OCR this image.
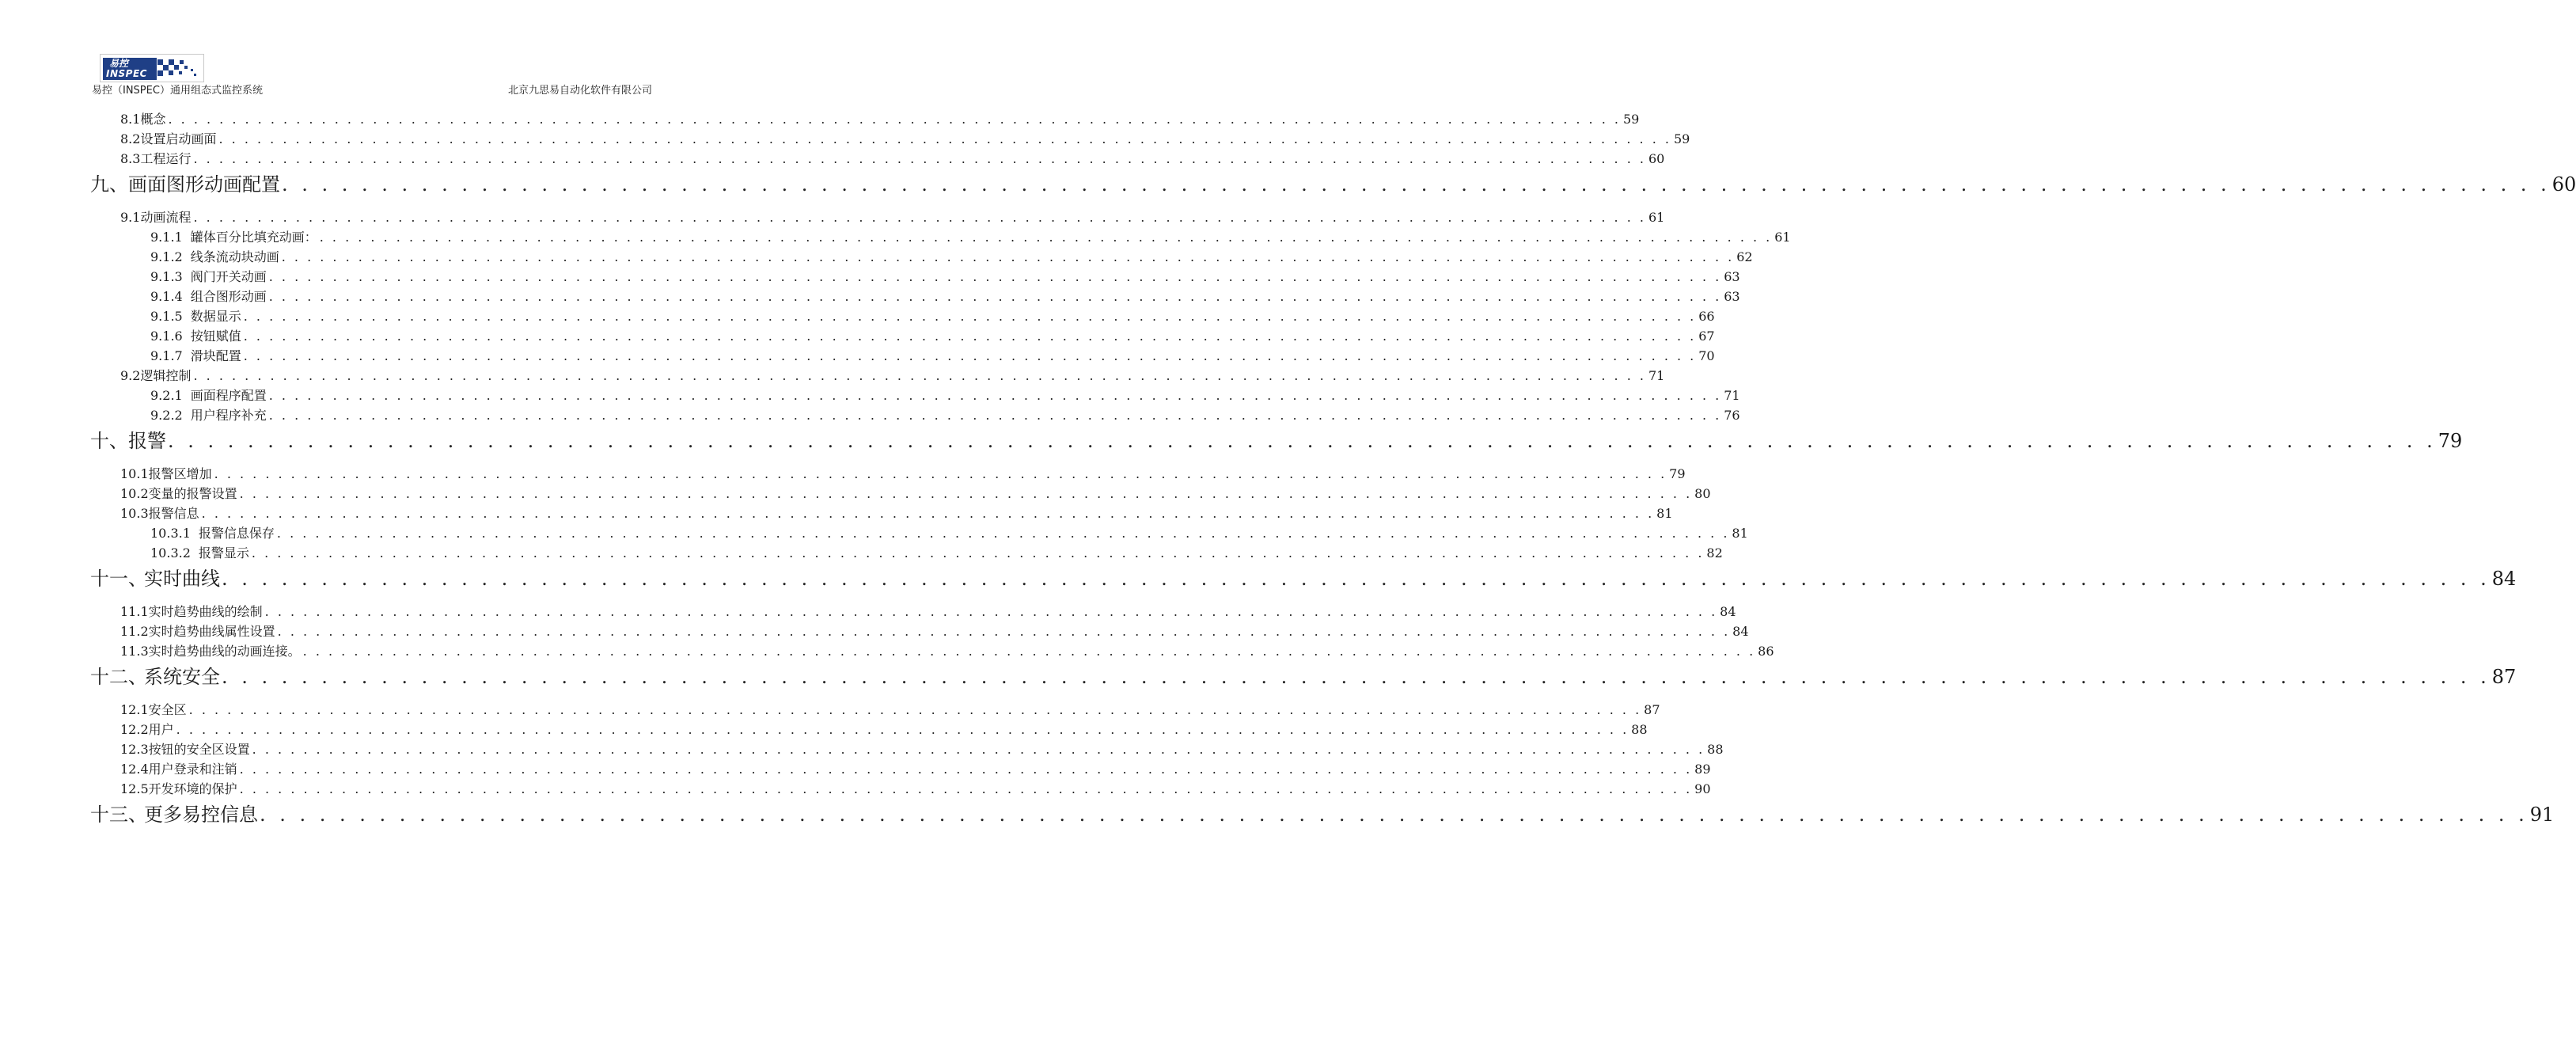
易控
INSPEC
易控（INSPEC）通用组态式监控系统	北京九思易自动化软件有限公司
8.1 概念 . . . . . . . . . . . . . . . . . . . . . . . . . . . . . . . . . . . . . . . . . . . . . . . . . . . . . . . . . . . . . . . . . . . . . . . . . . . . . . . . . . . . . . . . . . . . . . . . . . . . . . . . . . . . . . . . . . 59
8.2 设置启动画面 . . . . . . . . . . . . . . . . . . . . . . . . . . . . . . . . . . . . . . . . . . . . . . . . . . . . . . . . . . . . . . . . . . . . . . . . . . . . . . . . . . . . . . . . . . . . . . . . . . . . . . . . . . . . . . . . . . 59
8.3 工程运行 . . . . . . . . . . . . . . . . . . . . . . . . . . . . . . . . . . . . . . . . . . . . . . . . . . . . . . . . . . . . . . . . . . . . . . . . . . . . . . . . . . . . . . . . . . . . . . . . . . . . . . . . . . . . . . . . . . 60
九、 画面图形动画配置 . . . . . . . . . . . . . . . . . . . . . . . . . . . . . . . . . . . . . . . . . . . . . . . . . . . . . . . . . . . . . . . . . . . . . . . . . . . . . . . . . . . . . . . . . . . . . . . . . . . . . . . . . . . . . . . . . . 60
9.1 动画流程 . . . . . . . . . . . . . . . . . . . . . . . . . . . . . . . . . . . . . . . . . . . . . . . . . . . . . . . . . . . . . . . . . . . . . . . . . . . . . . . . . . . . . . . . . . . . . . . . . . . . . . . . . . . . . . . . . . 61
9.1.1 罐体百分比填充动画： . . . . . . . . . . . . . . . . . . . . . . . . . . . . . . . . . . . . . . . . . . . . . . . . . . . . . . . . . . . . . . . . . . . . . . . . . . . . . . . . . . . . . . . . . . . . . . . . . . . . . . . . . . . . . . . . . . 61
9.1.2 线条流动块动画 . . . . . . . . . . . . . . . . . . . . . . . . . . . . . . . . . . . . . . . . . . . . . . . . . . . . . . . . . . . . . . . . . . . . . . . . . . . . . . . . . . . . . . . . . . . . . . . . . . . . . . . . . . . . . . . . . . 62
9.1.3 阀门开关动画 . . . . . . . . . . . . . . . . . . . . . . . . . . . . . . . . . . . . . . . . . . . . . . . . . . . . . . . . . . . . . . . . . . . . . . . . . . . . . . . . . . . . . . . . . . . . . . . . . . . . . . . . . . . . . . . . . . 63
9.1.4 组合图形动画 . . . . . . . . . . . . . . . . . . . . . . . . . . . . . . . . . . . . . . . . . . . . . . . . . . . . . . . . . . . . . . . . . . . . . . . . . . . . . . . . . . . . . . . . . . . . . . . . . . . . . . . . . . . . . . . . . . 63
9.1.5 数据显示 . . . . . . . . . . . . . . . . . . . . . . . . . . . . . . . . . . . . . . . . . . . . . . . . . . . . . . . . . . . . . . . . . . . . . . . . . . . . . . . . . . . . . . . . . . . . . . . . . . . . . . . . . . . . . . . . . . 66
9.1.6 按钮赋值 . . . . . . . . . . . . . . . . . . . . . . . . . . . . . . . . . . . . . . . . . . . . . . . . . . . . . . . . . . . . . . . . . . . . . . . . . . . . . . . . . . . . . . . . . . . . . . . . . . . . . . . . . . . . . . . . . . 67
9.1.7 滑块配置 . . . . . . . . . . . . . . . . . . . . . . . . . . . . . . . . . . . . . . . . . . . . . . . . . . . . . . . . . . . . . . . . . . . . . . . . . . . . . . . . . . . . . . . . . . . . . . . . . . . . . . . . . . . . . . . . . . 70
9.2 逻辑控制 . . . . . . . . . . . . . . . . . . . . . . . . . . . . . . . . . . . . . . . . . . . . . . . . . . . . . . . . . . . . . . . . . . . . . . . . . . . . . . . . . . . . . . . . . . . . . . . . . . . . . . . . . . . . . . . . . . 71
9.2.1 画面程序配置 . . . . . . . . . . . . . . . . . . . . . . . . . . . . . . . . . . . . . . . . . . . . . . . . . . . . . . . . . . . . . . . . . . . . . . . . . . . . . . . . . . . . . . . . . . . . . . . . . . . . . . . . . . . . . . . . . . 71
9.2.2 用户程序补充 . . . . . . . . . . . . . . . . . . . . . . . . . . . . . . . . . . . . . . . . . . . . . . . . . . . . . . . . . . . . . . . . . . . . . . . . . . . . . . . . . . . . . . . . . . . . . . . . . . . . . . . . . . . . . . . . . . 76
十、 报警 . . . . . . . . . . . . . . . . . . . . . . . . . . . . . . . . . . . . . . . . . . . . . . . . . . . . . . . . . . . . . . . . . . . . . . . . . . . . . . . . . . . . . . . . . . . . . . . . . . . . . . . . . . . . . . . . . . 79
10.1 报警区增加 . . . . . . . . . . . . . . . . . . . . . . . . . . . . . . . . . . . . . . . . . . . . . . . . . . . . . . . . . . . . . . . . . . . . . . . . . . . . . . . . . . . . . . . . . . . . . . . . . . . . . . . . . . . . . . . . . . 79
10.2 变量的报警设置 . . . . . . . . . . . . . . . . . . . . . . . . . . . . . . . . . . . . . . . . . . . . . . . . . . . . . . . . . . . . . . . . . . . . . . . . . . . . . . . . . . . . . . . . . . . . . . . . . . . . . . . . . . . . . . . . . . 80
10.3 报警信息 . . . . . . . . . . . . . . . . . . . . . . . . . . . . . . . . . . . . . . . . . . . . . . . . . . . . . . . . . . . . . . . . . . . . . . . . . . . . . . . . . . . . . . . . . . . . . . . . . . . . . . . . . . . . . . . . . . 81
10.3.1 报警信息保存 . . . . . . . . . . . . . . . . . . . . . . . . . . . . . . . . . . . . . . . . . . . . . . . . . . . . . . . . . . . . . . . . . . . . . . . . . . . . . . . . . . . . . . . . . . . . . . . . . . . . . . . . . . . . . . . . . . 81
10.3.2 报警显示 . . . . . . . . . . . . . . . . . . . . . . . . . . . . . . . . . . . . . . . . . . . . . . . . . . . . . . . . . . . . . . . . . . . . . . . . . . . . . . . . . . . . . . . . . . . . . . . . . . . . . . . . . . . . . . . . . . 82
十一、
实时曲线 . . . . . . . . . . . . . . . . . . . . . . . . . . . . . . . . . . . . . . . . . . . . . . . . . . . . . . . . . . . . . . . . . . . . . . . . . . . . . . . . . . . . . . . . . . . . . . . . . . . . . . . . . . . . . . . . . . 84
11.1 实时趋势曲线的绘制 . . . . . . . . . . . . . . . . . . . . . . . . . . . . . . . . . . . . . . . . . . . . . . . . . . . . . . . . . . . . . . . . . . . . . . . . . . . . . . . . . . . . . . . . . . . . . . . . . . . . . . . . . . . . . . . . . . 84
11.2 实时趋势曲线属性设置 . . . . . . . . . . . . . . . . . . . . . . . . . . . . . . . . . . . . . . . . . . . . . . . . . . . . . . . . . . . . . . . . . . . . . . . . . . . . . . . . . . . . . . . . . . . . . . . . . . . . . . . . . . . . . . . . . . 84
11.3 实时趋势曲线的动画连接。 . . . . . . . . . . . . . . . . . . . . . . . . . . . . . . . . . . . . . . . . . . . . . . . . . . . . . . . . . . . . . . . . . . . . . . . . . . . . . . . . . . . . . . . . . . . . . . . . . . . . . . . . . . . . . . . . . . 86
十二、
系统安全 . . . . . . . . . . . . . . . . . . . . . . . . . . . . . . . . . . . . . . . . . . . . . . . . . . . . . . . . . . . . . . . . . . . . . . . . . . . . . . . . . . . . . . . . . . . . . . . . . . . . . . . . . . . . . . . . . . 87
12.1 安全区 . . . . . . . . . . . . . . . . . . . . . . . . . . . . . . . . . . . . . . . . . . . . . . . . . . . . . . . . . . . . . . . . . . . . . . . . . . . . . . . . . . . . . . . . . . . . . . . . . . . . . . . . . . . . . . . . . . 87
12.2 用户 . . . . . . . . . . . . . . . . . . . . . . . . . . . . . . . . . . . . . . . . . . . . . . . . . . . . . . . . . . . . . . . . . . . . . . . . . . . . . . . . . . . . . . . . . . . . . . . . . . . . . . . . . . . . . . . . . . 88
12.3 按钮的安全区设置 . . . . . . . . . . . . . . . . . . . . . . . . . . . . . . . . . . . . . . . . . . . . . . . . . . . . . . . . . . . . . . . . . . . . . . . . . . . . . . . . . . . . . . . . . . . . . . . . . . . . . . . . . . . . . . . . . . 88
12.4 用户登录和注销 . . . . . . . . . . . . . . . . . . . . . . . . . . . . . . . . . . . . . . . . . . . . . . . . . . . . . . . . . . . . . . . . . . . . . . . . . . . . . . . . . . . . . . . . . . . . . . . . . . . . . . . . . . . . . . . . . . 89
12.5 开发环境的保护 . . . . . . . . . . . . . . . . . . . . . . . . . . . . . . . . . . . . . . . . . . . . . . . . . . . . . . . . . . . . . . . . . . . . . . . . . . . . . . . . . . . . . . . . . . . . . . . . . . . . . . . . . . . . . . . . . . 90
十三、
更多易控信息 . . . . . . . . . . . . . . . . . . . . . . . . . . . . . . . . . . . . . . . . . . . . . . . . . . . . . . . . . . . . . . . . . . . . . . . . . . . . . . . . . . . . . . . . . . . . . . . . . . . . . . . . . . . . . . . . . . 91
